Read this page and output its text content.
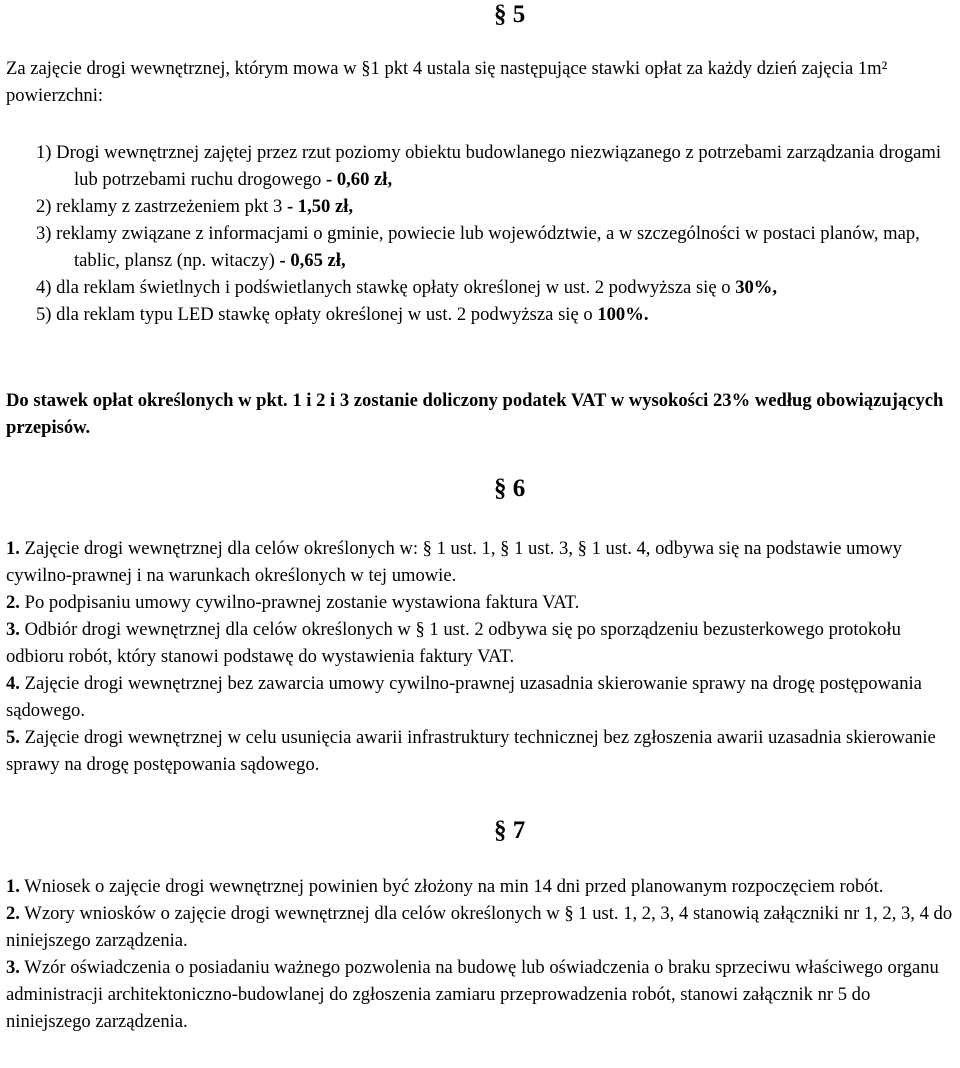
§ 5

Za zajęcie drogi wewnętrznej, którym mowa w §1 pkt 4 ustala się następujące stawki opłat za każdy dzień zajęcia 1m² powierzchni:

1) Drogi wewnętrznej zajętej przez rzut poziomy obiektu budowlanego niezwiązanego z potrzebami zarządzania drogami lub potrzebami ruchu drogowego - 0,60 zł,
2) reklamy z zastrzeżeniem pkt 3 - 1,50 zł,
3) reklamy związane z informacjami o gminie, powiecie lub województwie, a w szczególności w postaci planów, map, tablic, plansz (np. witaczy) - 0,65 zł,
4) dla reklam świetlnych i podświetlanych stawkę opłaty określonej w ust. 2 podwyższa się o 30%,
5) dla reklam typu LED stawkę opłaty określonej w ust. 2 podwyższa się o 100%.

Do stawek opłat określonych w pkt. 1 i 2 i 3 zostanie doliczony podatek VAT w wysokości 23% według obowiązujących przepisów.

§ 6

1. Zajęcie drogi wewnętrznej dla celów określonych w: § 1 ust. 1, § 1 ust. 3, § 1 ust. 4, odbywa się na podstawie umowy cywilno-prawnej i na warunkach określonych w tej umowie.

2. Po podpisaniu umowy cywilno-prawnej zostanie wystawiona faktura VAT.

3. Odbiór drogi wewnętrznej dla celów określonych w § 1 ust. 2 odbywa się po sporządzeniu bezusterkowego protokołu odbioru robót, który stanowi podstawę do wystawienia faktury VAT.

4. Zajęcie drogi wewnętrznej bez zawarcia umowy cywilno-prawnej uzasadnia skierowanie sprawy na drogę postępowania sądowego.

5. Zajęcie drogi wewnętrznej w celu usunięcia awarii infrastruktury technicznej bez zgłoszenia awarii uzasadnia skierowanie sprawy na drogę postępowania sądowego.

§ 7

1. Wniosek o zajęcie drogi wewnętrznej powinien być złożony na min 14 dni przed planowanym rozpoczęciem robót.

2. Wzory wniosków o zajęcie drogi wewnętrznej dla celów określonych w § 1 ust. 1, 2, 3, 4 stanowią załączniki nr 1, 2, 3, 4 do niniejszego zarządzenia.

3. Wzór oświadczenia o posiadaniu ważnego pozwolenia na budowę lub oświadczenia o braku sprzeciwu właściwego organu administracji architektoniczno-budowlanej do zgłoszenia zamiaru przeprowadzenia robót, stanowi załącznik nr 5 do niniejszego zarządzenia.
